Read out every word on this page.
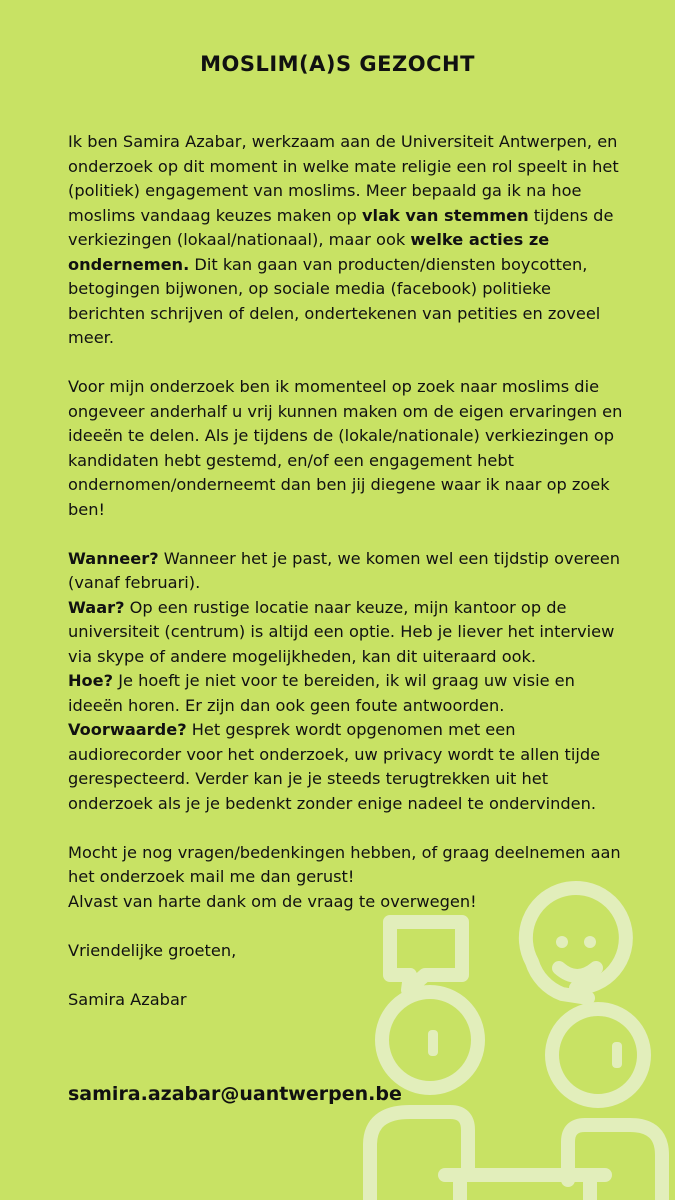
MOSLIM(A)S GEZOCHT

Ik ben Samira Azabar, werkzaam aan de Universiteit Antwerpen, en onderzoek op dit moment in welke mate religie een rol speelt in het (politiek) engagement van moslims. Meer bepaald ga ik na hoe moslims vandaag keuzes maken op vlak van stemmen tijdens de verkiezingen (lokaal/nationaal), maar ook welke acties ze ondernemen. Dit kan gaan van producten/diensten boycotten, betogingen bijwonen, op sociale media (facebook) politieke berichten schrijven of delen, ondertekenen van petities en zoveel meer.

Voor mijn onderzoek ben ik momenteel op zoek naar moslims die ongeveer anderhalf u vrij kunnen maken om de eigen ervaringen en ideeën te delen. Als je tijdens de (lokale/nationale) verkiezingen op kandidaten hebt gestemd, en/of een engagement hebt ondernomen/onderneemt dan ben jij diegene waar ik naar op zoek ben!

Wanneer? Wanneer het je past, we komen wel een tijdstip overeen (vanaf februari).

Waar? Op een rustige locatie naar keuze, mijn kantoor op de universiteit (centrum) is altijd een optie. Heb je liever het interview via skype of andere mogelijkheden, kan dit uiteraard ook.

Hoe? Je hoeft je niet voor te bereiden, ik wil graag uw visie en ideeën horen. Er zijn dan ook geen foute antwoorden.

Voorwaarde? Het gesprek wordt opgenomen met een audiorecorder voor het onderzoek, uw privacy wordt te allen tijde gerespecteerd. Verder kan je je steeds terugtrekken uit het onderzoek als je je bedenkt zonder enige nadeel te ondervinden.

Mocht je nog vragen/bedenkingen hebben, of graag deelnemen aan het onderzoek mail me dan gerust!

Alvast van harte dank om de vraag te overwegen!

Vriendelijke groeten,

Samira Azabar

samira.azabar@uantwerpen.be
